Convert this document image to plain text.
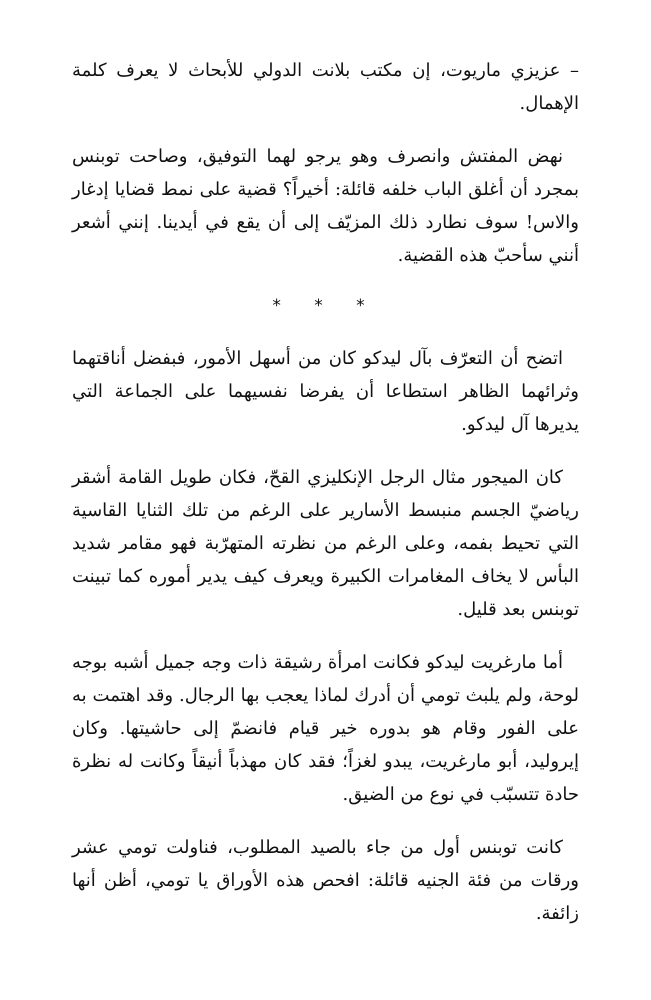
– عزيزي ماريوت، إن مكتب بلانت الدولي للأبحاث لا يعرف كلمة الإهمال.

نهض المفتش وانصرف وهو يرجو لهما التوفيق، وصاحت توبنس بمجرد أن أغلق الباب خلفه قائلة: أخيراً؟ قضية على نمط قضايا إدغار والاس! سوف نطارد ذلك المزيّف إلى أن يقع في أيدينا. إنني أشعر أنني سأحبّ هذه القضية.

* * *

اتضح أن التعرّف بآل ليدكو كان من أسهل الأمور، فبفضل أناقتهما وثرائهما الظاهر استطاعا أن يفرضا نفسيهما على الجماعة التي يديرها آل ليدكو.

كان الميجور مثال الرجل الإنكليزي القحّ، فكان طويل القامة أشقر رياضيّ الجسم منبسط الأسارير على الرغم من تلك الثنايا القاسية التي تحيط بفمه، وعلى الرغم من نظرته المتهرّبة فهو مقامر شديد البأس لا يخاف المغامرات الكبيرة ويعرف كيف يدير أموره كما تبينت توبنس بعد قليل.

أما مارغريت ليدكو فكانت امرأة رشيقة ذات وجه جميل أشبه بوجه لوحة، ولم يلبث تومي أن أدرك لماذا يعجب بها الرجال. وقد اهتمت به على الفور وقام هو بدوره خير قيام فانضمّ إلى حاشيتها. وكان إيروليد، أبو مارغريت، يبدو لغزاً؛ فقد كان مهذباً أنيقاً وكانت له نظرة حادة تتسبّب في نوع من الضيق.

كانت توبنس أول من جاء بالصيد المطلوب، فناولت تومي عشر ورقات من فئة الجنيه قائلة: افحص هذه الأوراق يا تومي، أظن أنها زائفة.
